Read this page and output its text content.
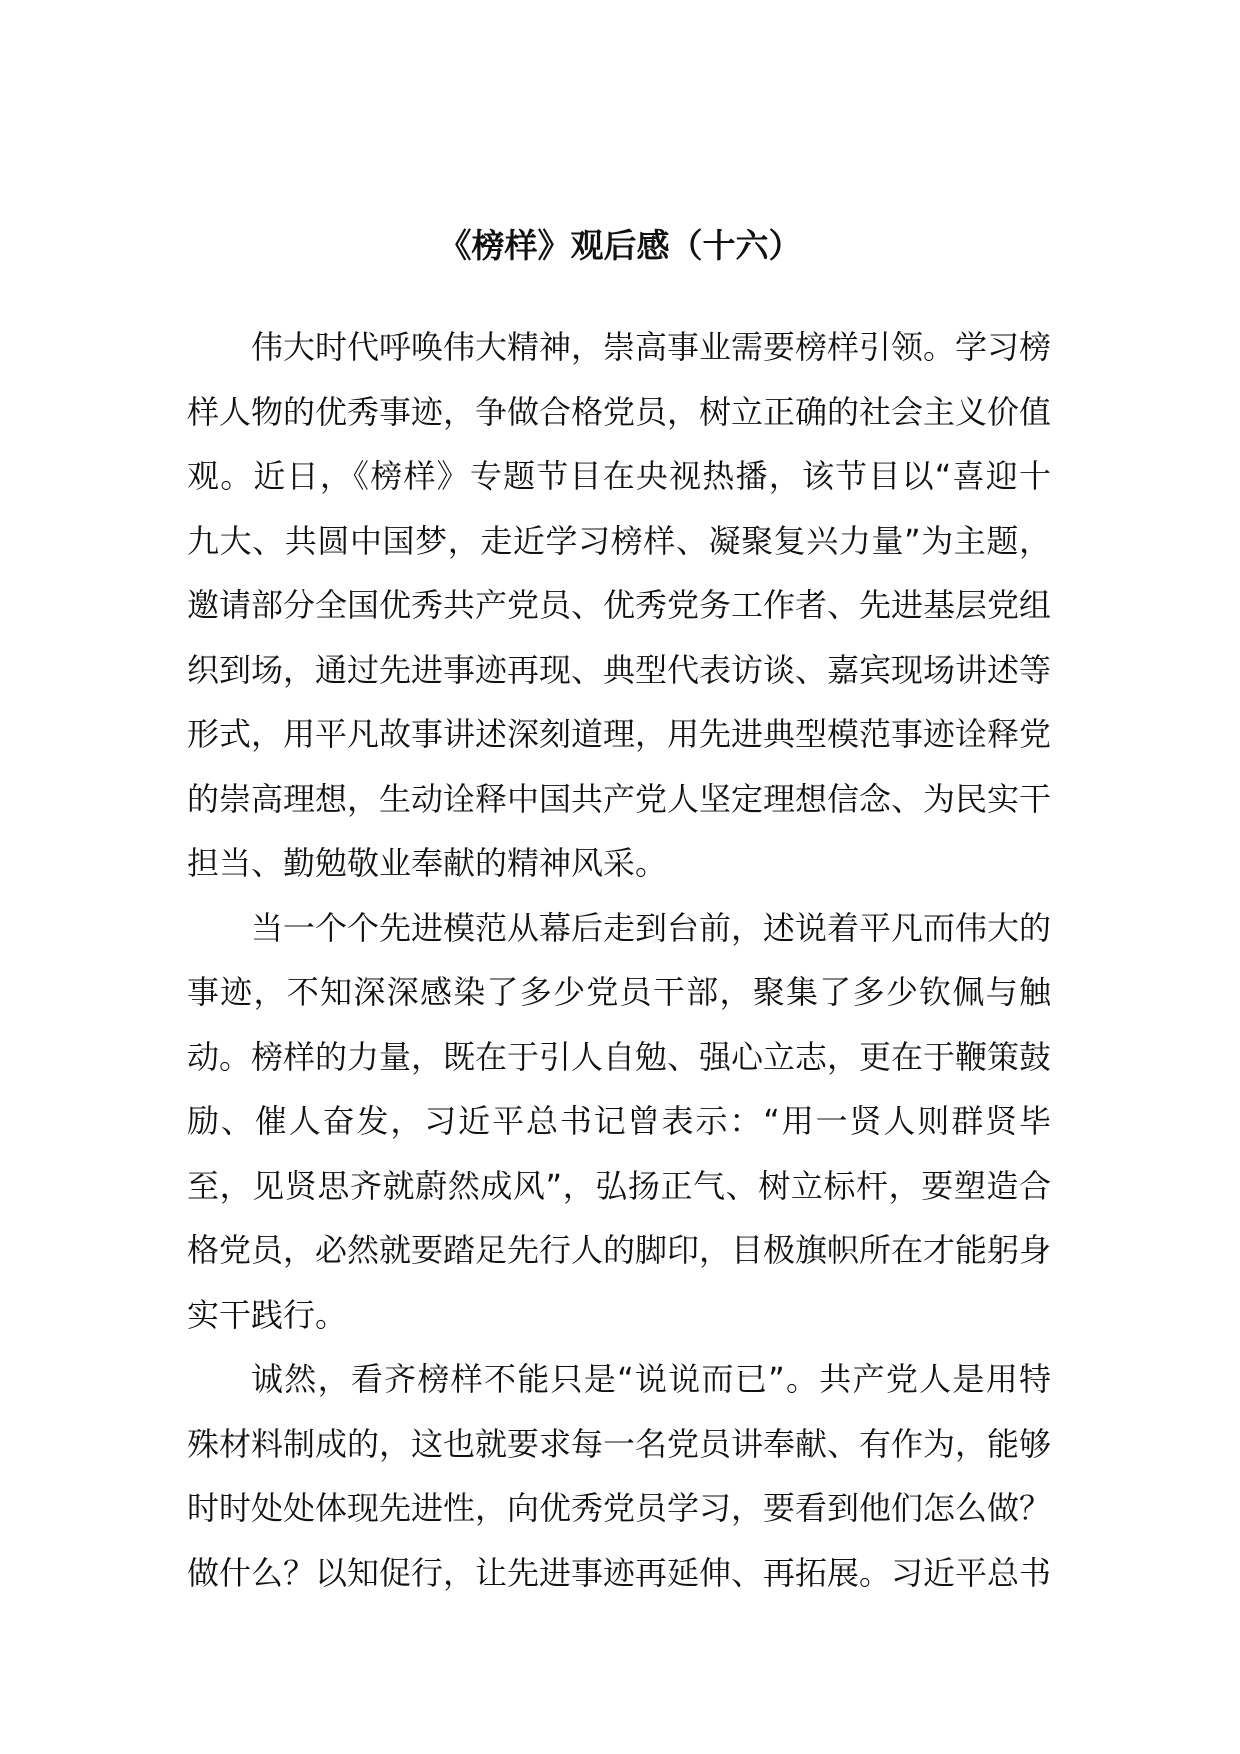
《榜样》观后感（十六）

伟大时代呼唤伟大精神，崇高事业需要榜样引领。学习榜样人物的优秀事迹，争做合格党员，树立正确的社会主义价值观。近日，《榜样》专题节目在央视热播，该节目以“喜迎十九大、共圆中国梦，走近学习榜样、凝聚复兴力量”为主题，邀请部分全国优秀共产党员、优秀党务工作者、先进基层党组织到场，通过先进事迹再现、典型代表访谈、嘉宾现场讲述等形式，用平凡故事讲述深刻道理，用先进典型模范事迹诠释党的崇高理想，生动诠释中国共产党人坚定理想信念、为民实干担当、勤勉敬业奉献的精神风采。

当一个个先进模范从幕后走到台前，述说着平凡而伟大的事迹，不知深深感染了多少党员干部，聚集了多少钦佩与触动。榜样的力量，既在于引人自勉、强心立志，更在于鞭策鼓励、催人奋发，习近平总书记曾表示：“用一贤人则群贤毕至，见贤思齐就蔚然成风”，弘扬正气、树立标杆，要塑造合格党员，必然就要踏足先行人的脚印，目极旗帜所在才能躬身实干践行。

诚然，看齐榜样不能只是“说说而已”。共产党人是用特殊材料制成的，这也就要求每一名党员讲奉献、有作为，能够时时处处体现先进性，向优秀党员学习，要看到他们怎么做？做什么？以知促行，让先进事迹再延伸、再拓展。习近平总书
